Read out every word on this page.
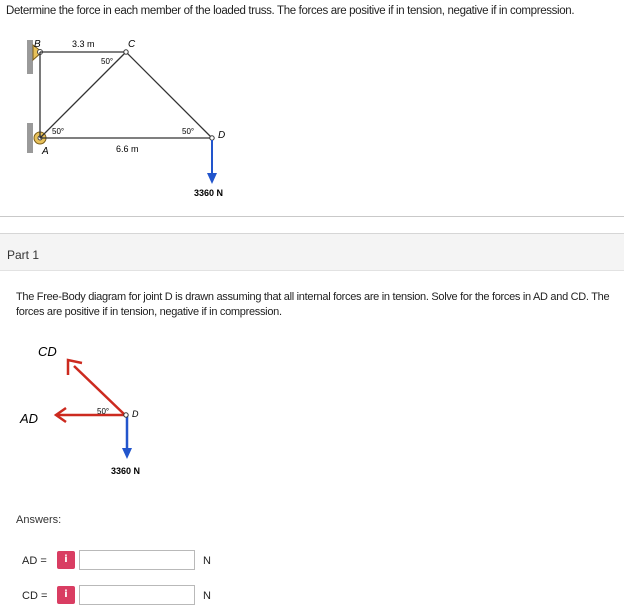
Determine the force in each member of the loaded truss. The forces are positive if in tension, negative if in compression.
B	C
A
D
3.3 m
6.6 m
50°
50°	50°
3360 N
Part 1
The Free-Body diagram for joint D is drawn assuming that all internal forces are in tension. Solve for the forces in AD and CD. The forces are positive if in tension, negative if in compression.
CD
AD	50°	D
3360 N
Answers:
AD =	i	N
CD =	i	N
